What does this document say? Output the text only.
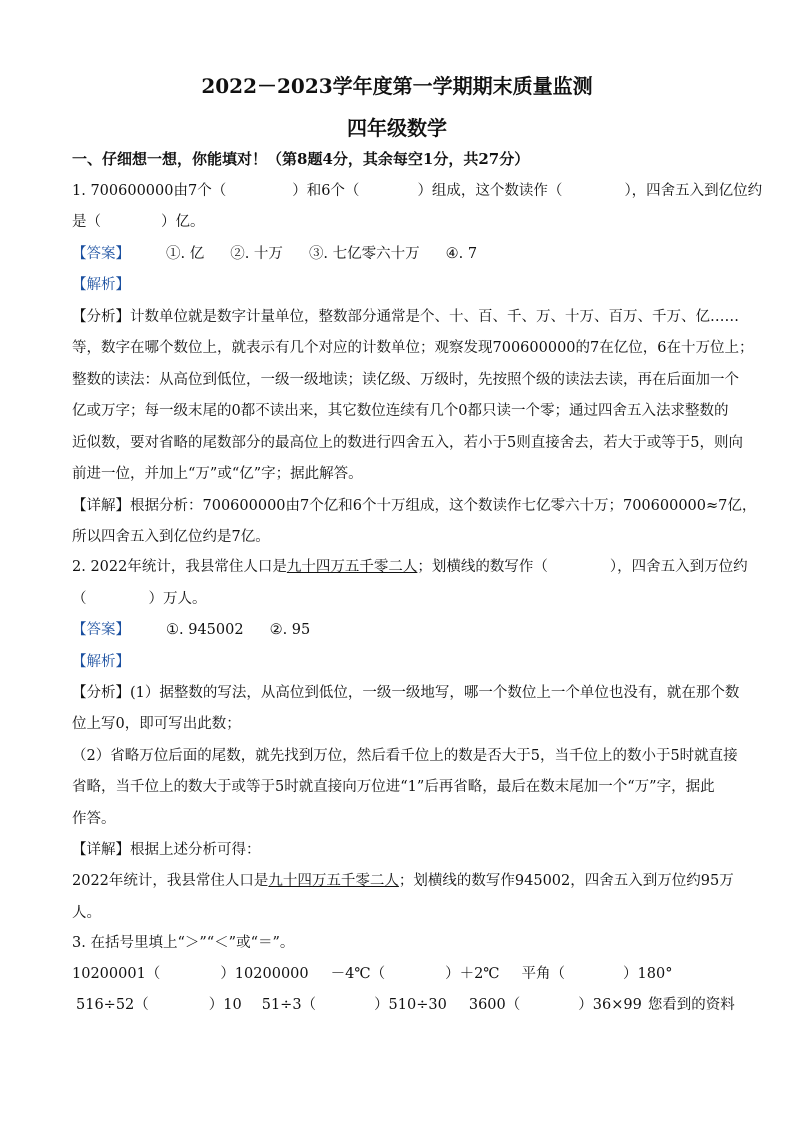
2022－2023学年度第一学期期末质量监测
四年级数学
一、仔细想一想，你能填对！（第8题4分，其余每空1分，共27分）
1. 700600000由7个（	）和6个（	）组成，这个数读作（	），四舍五入到亿位约
是（	）亿。
【答案】 ①. 亿 ②. 十万 ③. 七亿零六十万 ④. 7
【解析】
【分析】计数单位就是数字计量单位，整数部分通常是个、十、百、千、万、十万、百万、千万、亿……
等，数字在哪个数位上，就表示有几个对应的计数单位；观察发现700600000的7在亿位，6在十万位上；
整数的读法：从高位到低位，一级一级地读；读亿级、万级时，先按照个级的读法去读，再在后面加一个
亿或万字；每一级末尾的0都不读出来，其它数位连续有几个0都只读一个零；通过四舍五入法求整数的
近似数，要对省略的尾数部分的最高位上的数进行四舍五入，若小于5则直接舍去，若大于或等于5，则向
前进一位，并加上“万”或“亿”字；据此解答。
【详解】根据分析：700600000由7个亿和6个十万组成，这个数读作七亿零六十万；700600000≈7亿，
所以四舍五入到亿位约是7亿。
2. 2022年统计，我县常住人口是九十四万五千零二人；划横线的数写作（	），四舍五入到万位约
（	）万人。
【答案】 ①. 945002 ②. 95
【解析】
【分析】(1）据整数的写法，从高位到低位，一级一级地写，哪一个数位上一个单位也没有，就在那个数
位上写0，即可写出此数；
（2）省略万位后面的尾数，就先找到万位，然后看千位上的数是否大于5，当千位上的数小于5时就直接
省略，当千位上的数大于或等于5时就直接向万位进“1”后再省略，最后在数末尾加一个“万”字，据此
作答。
【详解】根据上述分析可得：
2022年统计，我县常住人口是九十四万五千零二人；划横线的数写作945002，四舍五入到万位约95万
人。
3. 在括号里填上“＞”“＜”或“＝”。
10200001（	）10200000 －4℃（	）＋2℃ 平角（	）180°
516÷52（	）10 51÷3（	）510÷30 3600（	）36×99 您看到的资料
